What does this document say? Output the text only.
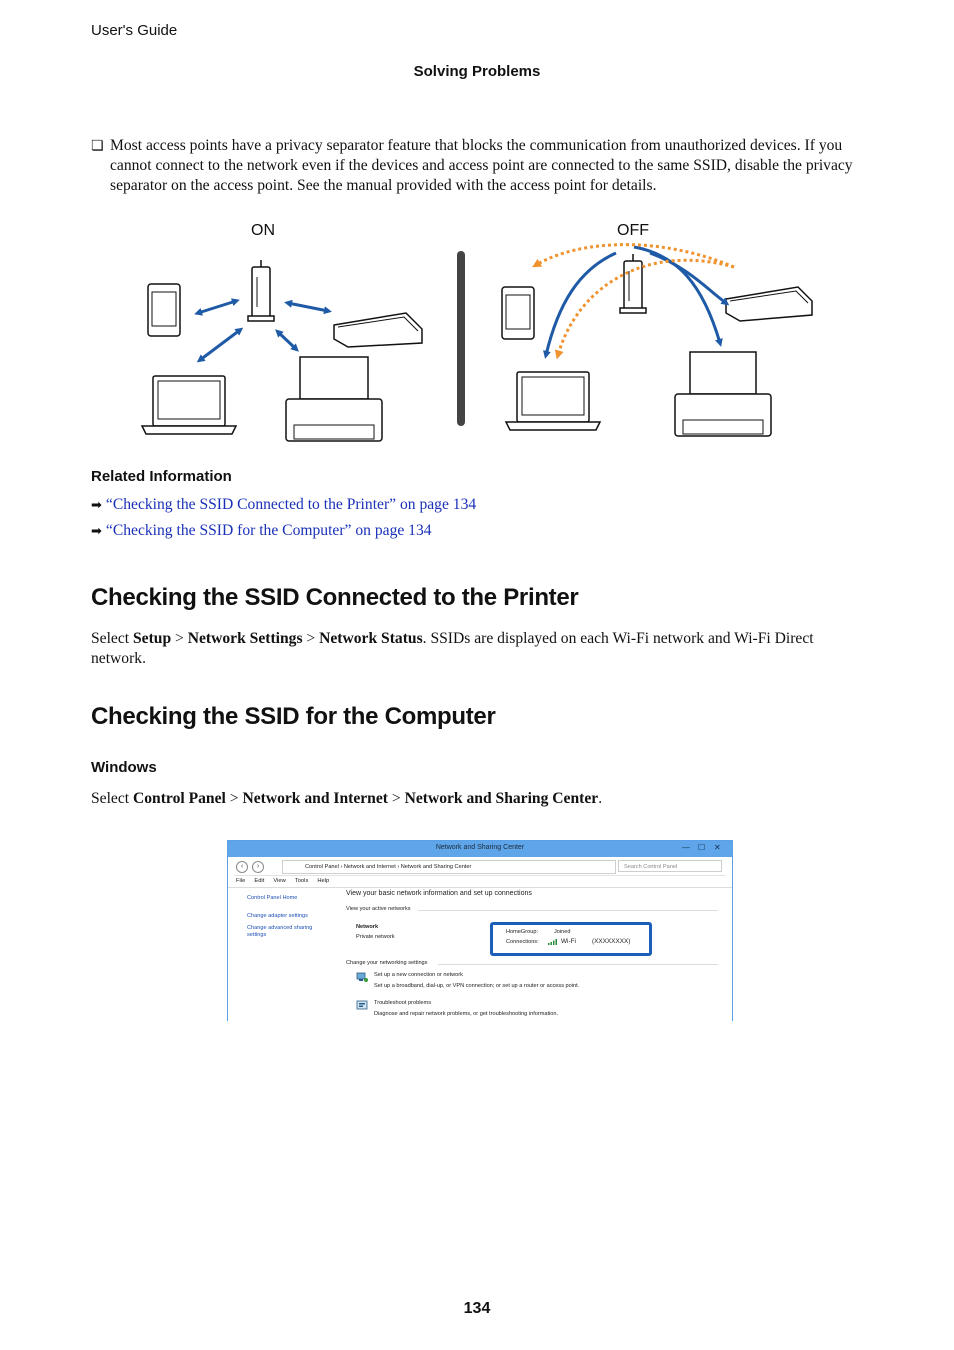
User's Guide
Solving Problems
❏ Most access points have a privacy separator feature that blocks the communication from unauthorized devices. If you cannot connect to the network even if the devices and access point are connected to the same SSID, disable the privacy separator on the access point. See the manual provided with the access point for details.
ON	OFF
Related Information
➡ “Checking the SSID Connected to the Printer” on page 134
➡ “Checking the SSID for the Computer” on page 134
Checking the SSID Connected to the Printer
Select Setup > Network Settings > Network Status. SSIDs are displayed on each Wi-Fi network and Wi-Fi Direct network.
Checking the SSID for the Computer
Windows
Select Control Panel > Network and Internet > Network and Sharing Center.
Network and Sharing Center	— ☐ ✕
‹	›	Control Panel › Network and Internet › Network and Sharing Center	Search Control Panel
File Edit View Tools Help
Control Panel Home
Change adapter settings
Change advanced sharing settings
View your basic network information and set up connections
View your active networks
Network
Private network
HomeGroup:	Joined
Connections:	Wi-Fi	(XXXXXXXX)
Change your networking settings
Set up a new connection or network
Set up a broadband, dial-up, or VPN connection; or set up a router or access point.
Troubleshoot problems
Diagnose and repair network problems, or get troubleshooting information.
134
